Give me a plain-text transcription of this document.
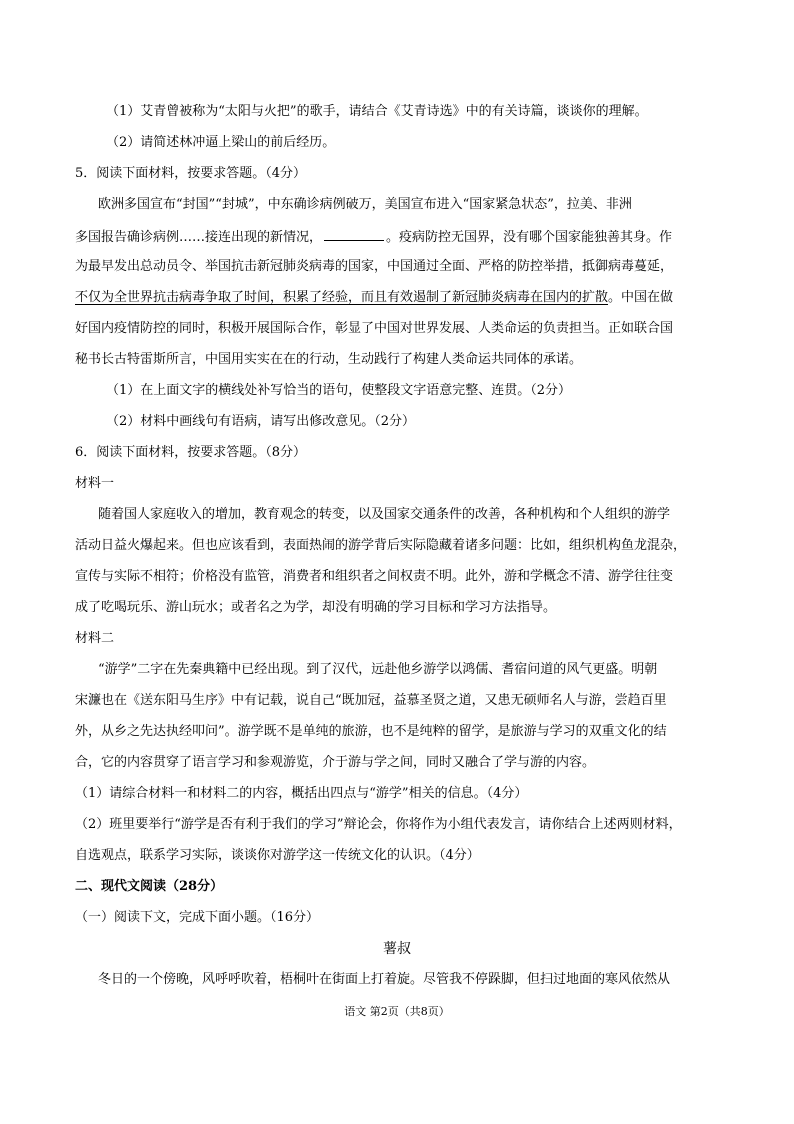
（1）艾青曾被称为“太阳与火把”的歌手，请结合《艾青诗选》中的有关诗篇，谈谈你的理解。
（2）请简述林冲逼上梁山的前后经历。
5．阅读下面材料，按要求答题。（4分）
欧洲多国宣布“封国”“封城”，中东确诊病例破万，美国宣布进入“国家紧急状态”，拉美、非洲
多国报告确诊病例……接连出现的新情况，	。疫病防控无国界，没有哪个国家能独善其身。作
为最早发出总动员令、举国抗击新冠肺炎病毒的国家，中国通过全面、严格的防控举措，抵御病毒蔓延，
不仅为全世界抗击病毒争取了时间，积累了经验，而且有效遏制了新冠肺炎病毒在国内的扩散。中国在做
好国内疫情防控的同时，积极开展国际合作，彰显了中国对世界发展、人类命运的负责担当。正如联合国
秘书长古特雷斯所言，中国用实实在在的行动，生动践行了构建人类命运共同体的承诺。
（1）在上面文字的横线处补写恰当的语句，使整段文字语意完整、连贯。（2分）
（2）材料中画线句有语病，请写出修改意见。（2分）
6．阅读下面材料，按要求答题。（8分）
材料一
随着国人家庭收入的增加，教育观念的转变，以及国家交通条件的改善，各种机构和个人组织的游学
活动日益火爆起来。但也应该看到，表面热闹的游学背后实际隐藏着诸多问题：比如，组织机构鱼龙混杂，
宣传与实际不相符；价格没有监管，消费者和组织者之间权责不明。此外，游和学概念不清、游学往往变
成了吃喝玩乐、游山玩水；或者名之为学，却没有明确的学习目标和学习方法指导。
材料二
“游学”二字在先秦典籍中已经出现。到了汉代，远赴他乡游学以鸿儒、耆宿问道的风气更盛。明朝
宋濂也在《送东阳马生序》中有记载，说自己“既加冠，益慕圣贤之道，又患无硕师名人与游，尝趋百里
外，从乡之先达执经叩问”。游学既不是单纯的旅游，也不是纯粹的留学，是旅游与学习的双重文化的结
合，它的内容贯穿了语言学习和参观游览，介于游与学之间，同时又融合了学与游的内容。
（1）请综合材料一和材料二的内容，概括出四点与“游学”相关的信息。（4分）
（2）班里要举行“游学是否有利于我们的学习”辩论会，你将作为小组代表发言，请你结合上述两则材料，
自选观点，联系学习实际，谈谈你对游学这一传统文化的认识。（4分）
二、现代文阅读（28分）
（一）阅读下文，完成下面小题。（16分）
薯叔
冬日的一个傍晚，风呼呼吹着，梧桐叶在街面上打着旋。尽管我不停跺脚，但扫过地面的寒风依然从
语文 第2页（共8页）
